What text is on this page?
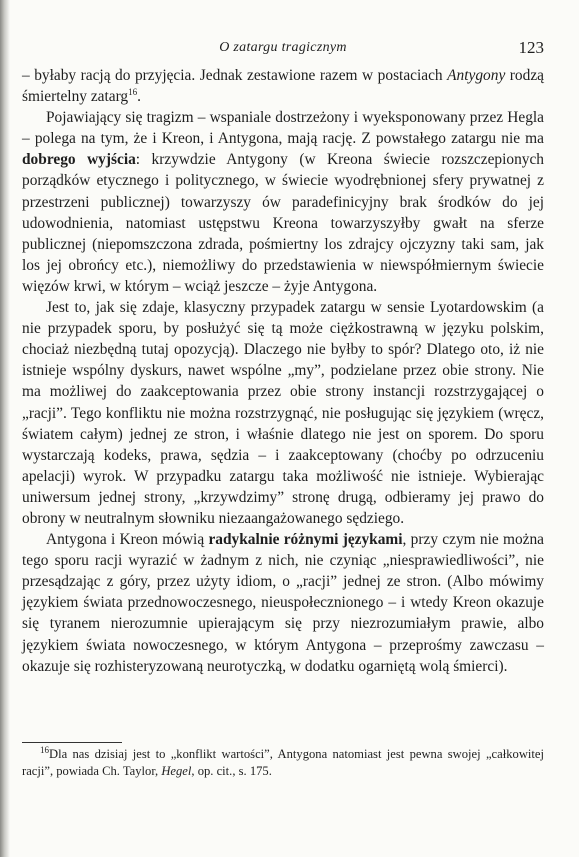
O zatargu tragicznym	123

– byłaby racją do przyjęcia. Jednak zestawione razem w postaciach Antygony rodzą śmiertelny zatarg$^{16}$.

Pojawiający się tragizm – wspaniale dostrzeżony i wyeksponowany przez Hegla – polega na tym, że i Kreon, i Antygona, mają rację. Z powstałego zatargu nie ma dobrego wyjścia: krzywdzie Antygony (w Kreona świecie rozszczepionych porządków etycznego i politycznego, w świecie wyodrębnionej sfery prywatnej z przestrzeni publicznej) towarzyszy ów paradefinicyjny brak środków do jej udowodnienia, natomiast ustępstwu Kreona towarzyszyłby gwałt na sferze publicznej (niepomszczona zdrada, pośmiertny los zdrajcy ojczyzny taki sam, jak los jej obrońcy etc.), niemożliwy do przedstawienia w niewspółmiernym świecie więzów krwi, w którym – wciąż jeszcze – żyje Antygona.

Jest to, jak się zdaje, klasyczny przypadek zatargu w sensie Lyotardowskim (a nie przypadek sporu, by posłużyć się tą może ciężkostrawną w języku polskim, chociaż niezbędną tutaj opozycją). Dlaczego nie byłby to spór? Dlatego oto, iż nie istnieje wspólny dyskurs, nawet wspólne „my”, podzielane przez obie strony. Nie ma możliwej do zaakceptowania przez obie strony instancji rozstrzygającej o „racji”. Tego konfliktu nie można rozstrzygnąć, nie posługując się językiem (wręcz, światem całym) jednej ze stron, i właśnie dlatego nie jest on sporem. Do sporu wystarczają kodeks, prawa, sędzia – i zaakceptowany (choćby po odrzuceniu apelacji) wyrok. W przypadku zatargu taka możliwość nie istnieje. Wybierając uniwersum jednej strony, „krzywdzimy” stronę drugą, odbieramy jej prawo do obrony w neutralnym słowniku niezaangażowanego sędziego.

Antygona i Kreon mówią radykalnie różnymi językami, przy czym nie można tego sporu racji wyrazić w żadnym z nich, nie czyniąc „niesprawiedliwości”, nie przesądzając z góry, przez użyty idiom, o „racji” jednej ze stron. (Albo mówimy językiem świata przednowoczesnego, nieuspołecznionego – i wtedy Kreon okazuje się tyranem nierozumnie upierającym się przy niezrozumiałym prawie, albo językiem świata nowoczesnego, w którym Antygona – przeprośmy zawczasu – okazuje się rozhisteryzowaną neurotyczką, w dodatku ogarniętą wolą śmierci).

$^{16}$Dla nas dzisiaj jest to „konflikt wartości”, Antygona natomiast jest pewna swojej „całkowitej racji”, powiada Ch. Taylor, Hegel, op. cit., s. 175.
